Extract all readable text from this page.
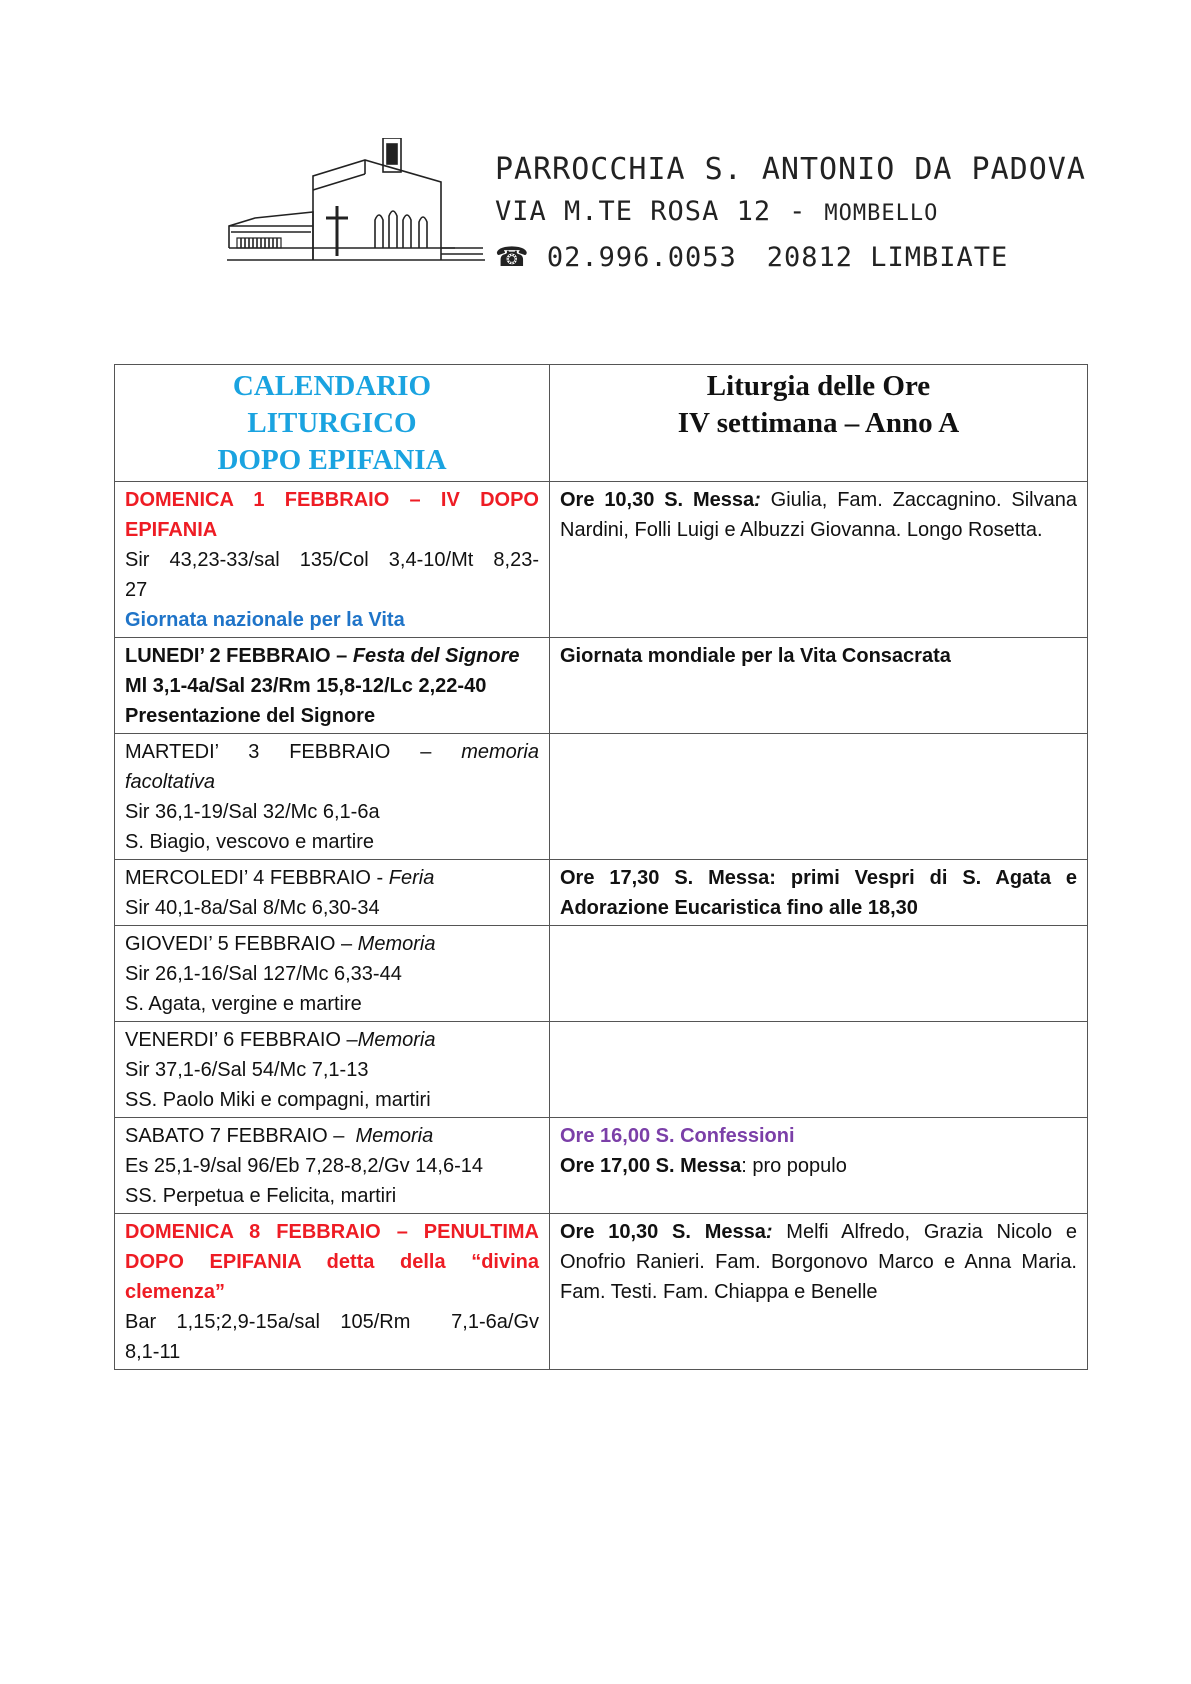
PARROCCHIA S. ANTONIO DA PADOVA
VIA M.TE ROSA 12 - MOMBELLO
☎ 02.996.0053 20812 LIMBIATE
CALENDARIO
LITURGICO
DOPO EPIFANIA	Liturgia delle Ore
IV settimana – Anno A

DOMENICA 1 FEBBRAIO – IV DOPO
EPIFANIA
Sir 43,23-33/sal 135/Col 3,4-10/Mt 8,23-
27
Giornata nazionale per la Vita	Ore 10,30 S. Messa: Giulia, Fam. Zaccagnino. Silvana Nardini, Folli Luigi e Albuzzi Giovanna. Longo Rosetta.

LUNEDI’ 2 FEBBRAIO – Festa del Signore
Ml 3,1-4a/Sal 23/Rm 15,8-12/Lc 2,22-40
Presentazione del Signore	Giornata mondiale per la Vita Consacrata

MARTEDI’ 3 FEBBRAIO – memoria
facoltativa
Sir 36,1-19/Sal 32/Mc 6,1-6a
S. Biagio, vescovo e martire	

MERCOLEDI’ 4 FEBBRAIO - Feria
Sir 40,1-8a/Sal 8/Mc 6,30-34	Ore 17,30 S. Messa: primi Vespri di S. Agata e
Adorazione Eucaristica fino alle 18,30

GIOVEDI’ 5 FEBBRAIO – Memoria
Sir 26,1-16/Sal 127/Mc 6,33-44
S. Agata, vergine e martire	

VENERDI’ 6 FEBBRAIO –Memoria
Sir 37,1-6/Sal 54/Mc 7,1-13
SS. Paolo Miki e compagni, martiri	

SABATO 7 FEBBRAIO –  Memoria
Es 25,1-9/sal 96/Eb 7,28-8,2/Gv 14,6-14
SS. Perpetua e Felicita, martiri	Ore 16,00 S. Confessioni
Ore 17,00 S. Messa: pro populo

DOMENICA 8 FEBBRAIO – PENULTIMA
DOPO EPIFANIA detta della “divina
clemenza”
Bar 1,15;2,9-15a/sal 105/Rm  7,1-6a/Gv
8,1-11	Ore 10,30 S. Messa: Melfi Alfredo, Grazia Nicolo e Onofrio Ranieri. Fam. Borgonovo Marco e Anna Maria. Fam. Testi. Fam. Chiappa e Benelle
